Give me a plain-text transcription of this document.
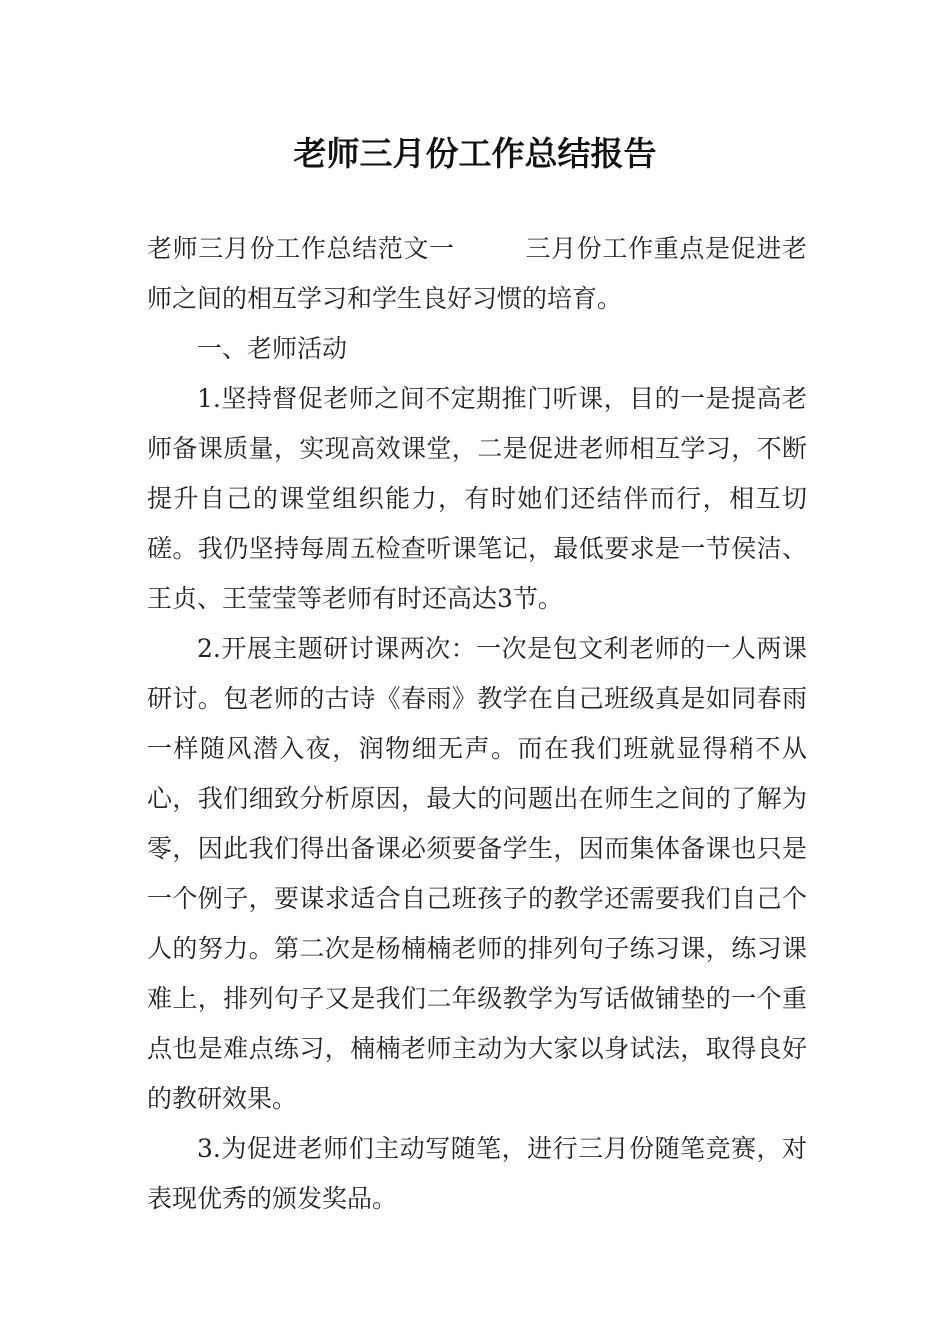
老师三月份工作总结报告

老师三月份工作总结范文一	三月份工作重点是促进老师之间的相互学习和学生良好习惯的培育。

一、老师活动

1.坚持督促老师之间不定期推门听课，目的一是提高老师备课质量，实现高效课堂，二是促进老师相互学习，不断提升自己的课堂组织能力，有时她们还结伴而行，相互切磋。我仍坚持每周五检查听课笔记，最低要求是一节侯洁、王贞、王莹莹等老师有时还高达3节。

2.开展主题研讨课两次：一次是包文利老师的一人两课研讨。包老师的古诗《春雨》教学在自己班级真是如同春雨一样随风潜入夜，润物细无声。而在我们班就显得稍不从心，我们细致分析原因，最大的问题出在师生之间的了解为零，因此我们得出备课必须要备学生，因而集体备课也只是一个例子，要谋求适合自己班孩子的教学还需要我们自己个人的努力。第二次是杨楠楠老师的排列句子练习课，练习课难上，排列句子又是我们二年级教学为写话做铺垫的一个重点也是难点练习，楠楠老师主动为大家以身试法，取得良好的教研效果。

3.为促进老师们主动写随笔，进行三月份随笔竞赛，对表现优秀的颁发奖品。
